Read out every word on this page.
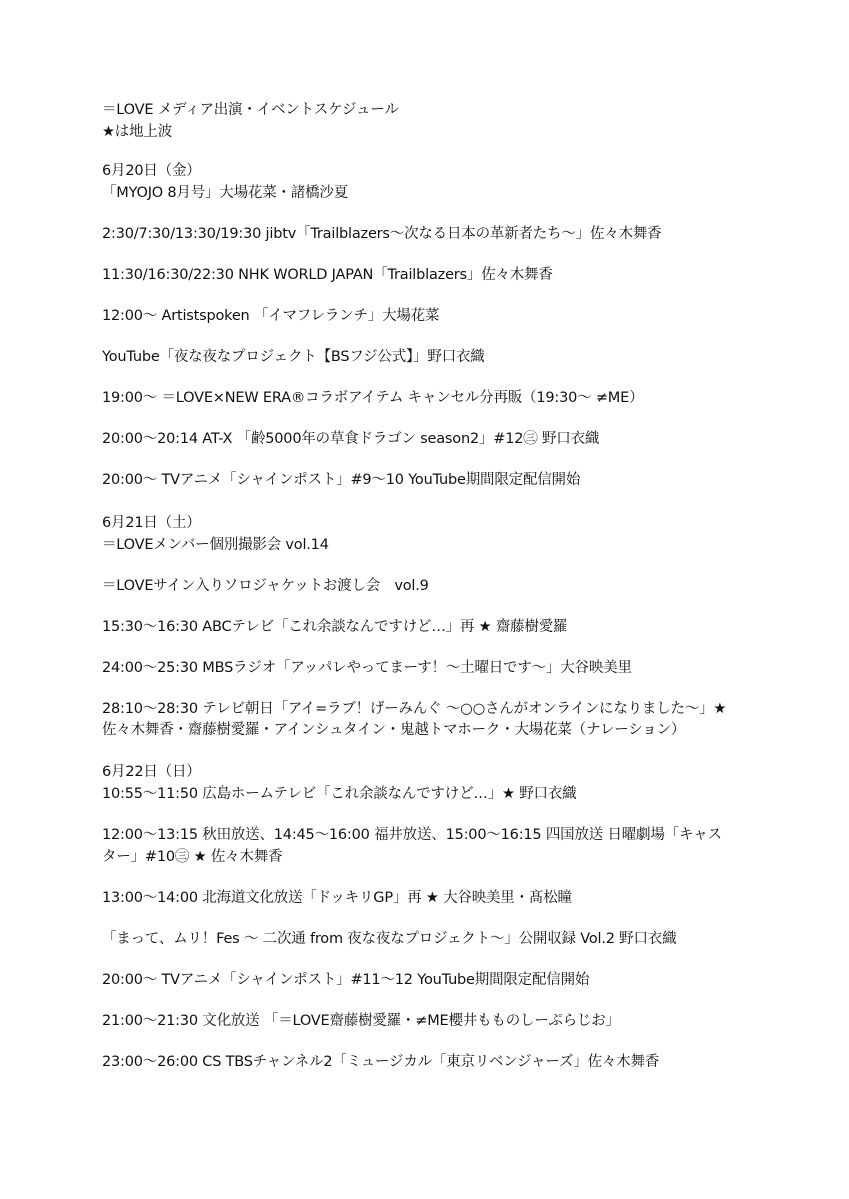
＝LOVE メディア出演・イベントスケジュール
★は地上波
6月20日（金）
「MYOJO 8月号」大場花菜・諸橋沙夏
2:30/7:30/13:30/19:30 jibtv「Trailblazers～次なる日本の革新者たち～」佐々木舞香
11:30/16:30/22:30 NHK WORLD JAPAN「Trailblazers」佐々木舞香
12:00～ Artistspoken 「イマフレランチ」大場花菜
YouTube「夜な夜なプロジェクト【BSフジ公式】」野口衣織
19:00～ ＝LOVE×NEW ERA®コラボアイテム キャンセル分再販（19:30～ ≠ME）
20:00～20:14 AT-X 「齢5000年の草食ドラゴン season2」#12㊂ 野口衣織
20:00～ TVアニメ「シャインポスト」#9～10 YouTube期間限定配信開始
6月21日（土）
＝LOVEメンバー個別撮影会 vol.14
＝LOVEサイン入りソロジャケットお渡し会　vol.9
15:30～16:30 ABCテレビ「これ余談なんですけど…」再 ★ 齋藤樹愛羅
24:00～25:30 MBSラジオ「アッパレやってまーす！～土曜日です～」大谷映美里
28:10～28:30 テレビ朝日「アイ=ラブ！げーみんぐ ～○○さんがオンラインになりました～」★
佐々木舞香・齋藤樹愛羅・アインシュタイン・鬼越トマホーク・大場花菜（ナレーション）
6月22日（日）
10:55～11:50 広島ホームテレビ「これ余談なんですけど…」★ 野口衣織
12:00～13:15 秋田放送、14:45～16:00 福井放送、15:00～16:15 四国放送 日曜劇場「キャス
ター」#10㊂ ★ 佐々木舞香
13:00～14:00 北海道文化放送「ドッキリGP」再 ★ 大谷映美里・髙松瞳
「まって、ムリ！Fes ～ 二次通 from 夜な夜なプロジェクト～」公開収録 Vol.2 野口衣織
20:00～ TVアニメ「シャインポスト」#11～12 YouTube期間限定配信開始
21:00～21:30 文化放送 「＝LOVE齋藤樹愛羅・≠ME櫻井もものしーぷらじお」
23:00～26:00 CS TBSチャンネル2「ミュージカル「東京リベンジャーズ」佐々木舞香
